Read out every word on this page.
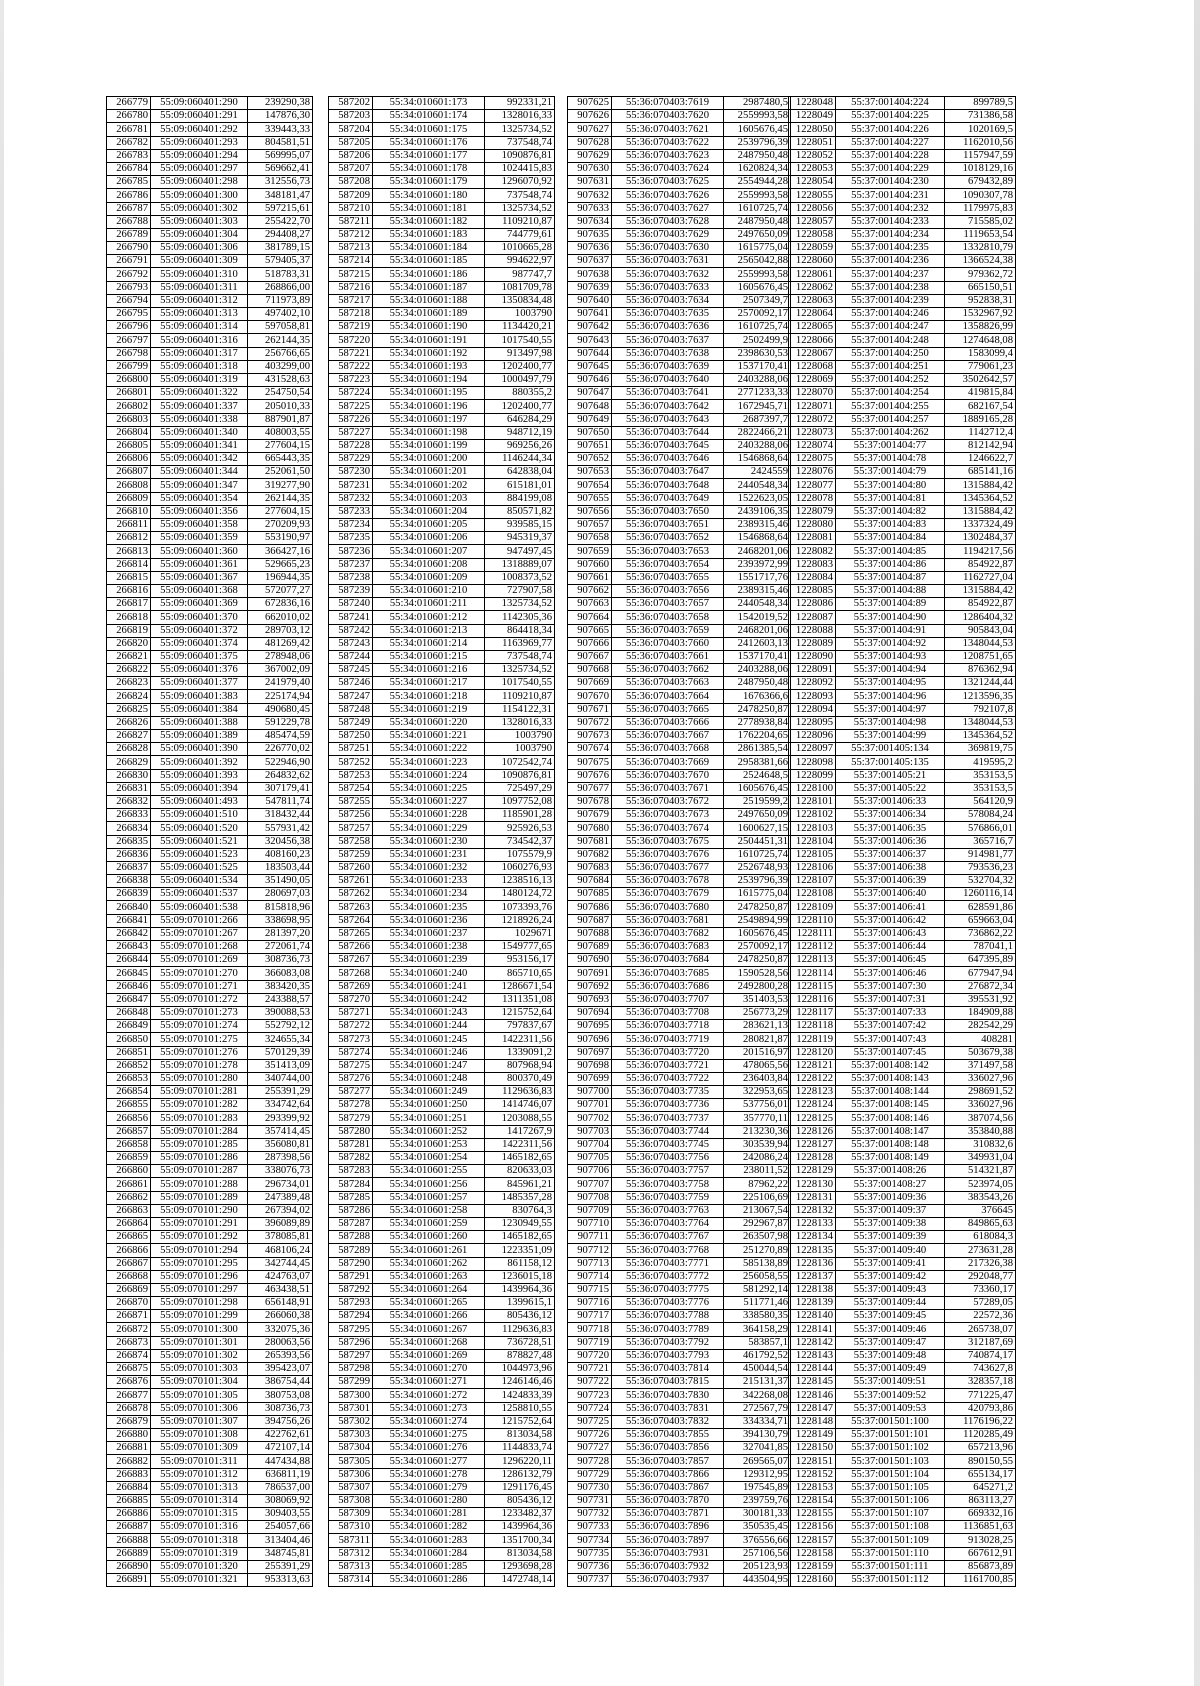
266779	55:09:060401:290	239290,38
266780	55:09:060401:291	147876,30
266781	55:09:060401:292	339443,33
266782	55:09:060401:293	804581,51
266783	55:09:060401:294	569995,07
266784	55:09:060401:297	569662,41
266785	55:09:060401:298	312556,73
266786	55:09:060401:300	348181,47
266787	55:09:060401:302	597215,61
266788	55:09:060401:303	255422,70
266789	55:09:060401:304	294408,27
266790	55:09:060401:306	381789,15
266791	55:09:060401:309	579405,37
266792	55:09:060401:310	518783,31
266793	55:09:060401:311	268866,00
266794	55:09:060401:312	711973,89
266795	55:09:060401:313	497402,10
266796	55:09:060401:314	597058,81
266797	55:09:060401:316	262144,35
266798	55:09:060401:317	256766,65
266799	55:09:060401:318	403299,00
266800	55:09:060401:319	431528,63
266801	55:09:060401:322	254750,54
266802	55:09:060401:337	205010,33
266803	55:09:060401:338	887901,87
266804	55:09:060401:340	408003,55
266805	55:09:060401:341	277604,15
266806	55:09:060401:342	665443,35
266807	55:09:060401:344	252061,50
266808	55:09:060401:347	319277,90
266809	55:09:060401:354	262144,35
266810	55:09:060401:356	277604,15
266811	55:09:060401:358	270209,93
266812	55:09:060401:359	553190,97
266813	55:09:060401:360	366427,16
266814	55:09:060401:361	529665,23
266815	55:09:060401:367	196944,35
266816	55:09:060401:368	572077,27
266817	55:09:060401:369	672836,16
266818	55:09:060401:370	662010,02
266819	55:09:060401:372	289703,12
266820	55:09:060401:374	481269,42
266821	55:09:060401:375	278948,06
266822	55:09:060401:376	367002,09
266823	55:09:060401:377	241979,40
266824	55:09:060401:383	225174,94
266825	55:09:060401:384	490680,45
266826	55:09:060401:388	591229,78
266827	55:09:060401:389	485474,59
266828	55:09:060401:390	226770,02
266829	55:09:060401:392	522946,90
266830	55:09:060401:393	264832,62
266831	55:09:060401:394	307179,41
266832	55:09:060401:493	547811,74
266833	55:09:060401:510	318432,44
266834	55:09:060401:520	557931,42
266835	55:09:060401:521	320456,38
266836	55:09:060401:523	408160,23
266837	55:09:060401:525	183503,44
266838	55:09:060401:534	351490,05
266839	55:09:060401:537	280697,03
266840	55:09:060401:538	815818,96
266841	55:09:070101:266	338698,95
266842	55:09:070101:267	281397,20
266843	55:09:070101:268	272061,74
266844	55:09:070101:269	308736,73
266845	55:09:070101:270	366083,08
266846	55:09:070101:271	383420,35
266847	55:09:070101:272	243388,57
266848	55:09:070101:273	390088,53
266849	55:09:070101:274	552792,12
266850	55:09:070101:275	324655,34
266851	55:09:070101:276	570129,39
266852	55:09:070101:278	351413,09
266853	55:09:070101:280	340744,00
266854	55:09:070101:281	255391,29
266855	55:09:070101:282	334742,64
266856	55:09:070101:283	293399,92
266857	55:09:070101:284	357414,45
266858	55:09:070101:285	356080,81
266859	55:09:070101:286	287398,56
266860	55:09:070101:287	338076,73
266861	55:09:070101:288	296734,01
266862	55:09:070101:289	247389,48
266863	55:09:070101:290	267394,02
266864	55:09:070101:291	396089,89
266865	55:09:070101:292	378085,81
266866	55:09:070101:294	468106,24
266867	55:09:070101:295	342744,45
266868	55:09:070101:296	424763,07
266869	55:09:070101:297	463438,51
266870	55:09:070101:298	656148,91
266871	55:09:070101:299	266060,38
266872	55:09:070101:300	332075,36
266873	55:09:070101:301	280063,56
266874	55:09:070101:302	265393,56
266875	55:09:070101:303	395423,07
266876	55:09:070101:304	386754,44
266877	55:09:070101:305	380753,08
266878	55:09:070101:306	308736,73
266879	55:09:070101:307	394756,26
266880	55:09:070101:308	422762,61
266881	55:09:070101:309	472107,14
266882	55:09:070101:311	447434,88
266883	55:09:070101:312	636811,19
266884	55:09:070101:313	786537,00
266885	55:09:070101:314	308069,92
266886	55:09:070101:315	309403,55
266887	55:09:070101:316	254057,66
266888	55:09:070101:318	313404,46
266889	55:09:070101:319	348745,81
266890	55:09:070101:320	255391,29
266891	55:09:070101:321	953313,63
587202	55:34:010601:173	992331,21
587203	55:34:010601:174	1328016,33
587204	55:34:010601:175	1325734,52
587205	55:34:010601:176	737548,74
587206	55:34:010601:177	1090876,81
587207	55:34:010601:178	1024415,83
587208	55:34:010601:179	1296070,92
587209	55:34:010601:180	737548,74
587210	55:34:010601:181	1325734,52
587211	55:34:010601:182	1109210,87
587212	55:34:010601:183	744779,61
587213	55:34:010601:184	1010665,28
587214	55:34:010601:185	994622,97
587215	55:34:010601:186	987747,7
587216	55:34:010601:187	1081709,78
587217	55:34:010601:188	1350834,48
587218	55:34:010601:189	1003790
587219	55:34:010601:190	1134420,21
587220	55:34:010601:191	1017540,55
587221	55:34:010601:192	913497,98
587222	55:34:010601:193	1202400,77
587223	55:34:010601:194	1000497,79
587224	55:34:010601:195	880355,2
587225	55:34:010601:196	1202400,77
587226	55:34:010601:197	646284,29
587227	55:34:010601:198	948712,19
587228	55:34:010601:199	969256,26
587229	55:34:010601:200	1146244,34
587230	55:34:010601:201	642838,04
587231	55:34:010601:202	615181,01
587232	55:34:010601:203	884199,08
587233	55:34:010601:204	850571,82
587234	55:34:010601:205	939585,15
587235	55:34:010601:206	945319,37
587236	55:34:010601:207	947497,45
587237	55:34:010601:208	1318889,07
587238	55:34:010601:209	1008373,52
587239	55:34:010601:210	727907,58
587240	55:34:010601:211	1325734,52
587241	55:34:010601:212	1142305,36
587242	55:34:010601:213	864418,34
587243	55:34:010601:214	1163969,77
587244	55:34:010601:215	737548,74
587245	55:34:010601:216	1325734,52
587246	55:34:010601:217	1017540,55
587247	55:34:010601:218	1109210,87
587248	55:34:010601:219	1154122,31
587249	55:34:010601:220	1328016,33
587250	55:34:010601:221	1003790
587251	55:34:010601:222	1003790
587252	55:34:010601:223	1072542,74
587253	55:34:010601:224	1090876,81
587254	55:34:010601:225	725497,29
587255	55:34:010601:227	1097752,08
587256	55:34:010601:228	1185901,28
587257	55:34:010601:229	925926,53
587258	55:34:010601:230	734542,37
587259	55:34:010601:231	1075579,9
587260	55:34:010601:232	1060276,93
587261	55:34:010601:233	1238516,13
587262	55:34:010601:234	1480124,72
587263	55:34:010601:235	1073393,76
587264	55:34:010601:236	1218926,24
587265	55:34:010601:237	1029671
587266	55:34:010601:238	1549777,65
587267	55:34:010601:239	953156,17
587268	55:34:010601:240	865710,65
587269	55:34:010601:241	1286671,54
587270	55:34:010601:242	1311351,08
587271	55:34:010601:243	1215752,64
587272	55:34:010601:244	797837,67
587273	55:34:010601:245	1422311,56
587274	55:34:010601:246	1339091,2
587275	55:34:010601:247	807968,94
587276	55:34:010601:248	800370,49
587277	55:34:010601:249	1129636,83
587278	55:34:010601:250	1414746,07
587279	55:34:010601:251	1203088,55
587280	55:34:010601:252	1417267,9
587281	55:34:010601:253	1422311,56
587282	55:34:010601:254	1465182,65
587283	55:34:010601:255	820633,03
587284	55:34:010601:256	845961,21
587285	55:34:010601:257	1485357,28
587286	55:34:010601:258	830764,3
587287	55:34:010601:259	1230949,55
587288	55:34:010601:260	1465182,65
587289	55:34:010601:261	1223351,09
587290	55:34:010601:262	861158,12
587291	55:34:010601:263	1236015,18
587292	55:34:010601:264	1439964,36
587293	55:34:010601:265	1399615,1
587294	55:34:010601:266	805436,12
587295	55:34:010601:267	1129636,83
587296	55:34:010601:268	736728,51
587297	55:34:010601:269	878827,48
587298	55:34:010601:270	1044973,96
587299	55:34:010601:271	1246146,46
587300	55:34:010601:272	1424833,39
587301	55:34:010601:273	1258810,55
587302	55:34:010601:274	1215752,64
587303	55:34:010601:275	813034,58
587304	55:34:010601:276	1144833,74
587305	55:34:010601:277	1296220,11
587306	55:34:010601:278	1286132,79
587307	55:34:010601:279	1291176,45
587308	55:34:010601:280	805436,12
587309	55:34:010601:281	1233482,37
587310	55:34:010601:282	1439964,36
587311	55:34:010601:283	1351700,34
587312	55:34:010601:284	813034,58
587313	55:34:010601:285	1293698,28
587314	55:34:010601:286	1472748,14
907625	55:36:070403:7619	2987480,5
907626	55:36:070403:7620	2559993,58
907627	55:36:070403:7621	1605676,45
907628	55:36:070403:7622	2539796,39
907629	55:36:070403:7623	2487950,48
907630	55:36:070403:7624	1620824,34
907631	55:36:070403:7625	2554944,28
907632	55:36:070403:7626	2559993,58
907633	55:36:070403:7627	1610725,74
907634	55:36:070403:7628	2487950,48
907635	55:36:070403:7629	2497650,09
907636	55:36:070403:7630	1615775,04
907637	55:36:070403:7631	2565042,88
907638	55:36:070403:7632	2559993,58
907639	55:36:070403:7633	1605676,45
907640	55:36:070403:7634	2507349,7
907641	55:36:070403:7635	2570092,17
907642	55:36:070403:7636	1610725,74
907643	55:36:070403:7637	2502499,9
907644	55:36:070403:7638	2398630,53
907645	55:36:070403:7639	1537170,41
907646	55:36:070403:7640	2403288,06
907647	55:36:070403:7641	2771233,33
907648	55:36:070403:7642	1672945,71
907649	55:36:070403:7643	2687397,7
907650	55:36:070403:7644	2822466,21
907651	55:36:070403:7645	2403288,06
907652	55:36:070403:7646	1546868,64
907653	55:36:070403:7647	2424559
907654	55:36:070403:7648	2440548,34
907655	55:36:070403:7649	1522623,05
907656	55:36:070403:7650	2439106,35
907657	55:36:070403:7651	2389315,46
907658	55:36:070403:7652	1546868,64
907659	55:36:070403:7653	2468201,06
907660	55:36:070403:7654	2393972,99
907661	55:36:070403:7655	1551717,76
907662	55:36:070403:7656	2389315,46
907663	55:36:070403:7657	2440548,34
907664	55:36:070403:7658	1542019,52
907665	55:36:070403:7659	2468201,06
907666	55:36:070403:7660	2412603,13
907667	55:36:070403:7661	1537170,41
907668	55:36:070403:7662	2403288,06
907669	55:36:070403:7663	2487950,48
907670	55:36:070403:7664	1676366,6
907671	55:36:070403:7665	2478250,87
907672	55:36:070403:7666	2778938,84
907673	55:36:070403:7667	1762204,65
907674	55:36:070403:7668	2861385,54
907675	55:36:070403:7669	2958381,66
907676	55:36:070403:7670	2524648,5
907677	55:36:070403:7671	1605676,45
907678	55:36:070403:7672	2519599,2
907679	55:36:070403:7673	2497650,09
907680	55:36:070403:7674	1600627,15
907681	55:36:070403:7675	2504451,31
907682	55:36:070403:7676	1610725,74
907683	55:36:070403:7677	2526748,93
907684	55:36:070403:7678	2539796,39
907685	55:36:070403:7679	1615775,04
907686	55:36:070403:7680	2478250,87
907687	55:36:070403:7681	2549894,99
907688	55:36:070403:7682	1605676,45
907689	55:36:070403:7683	2570092,17
907690	55:36:070403:7684	2478250,87
907691	55:36:070403:7685	1590528,56
907692	55:36:070403:7686	2492800,28
907693	55:36:070403:7707	351403,53
907694	55:36:070403:7708	256773,29
907695	55:36:070403:7718	283621,13
907696	55:36:070403:7719	280821,87
907697	55:36:070403:7720	201516,97
907698	55:36:070403:7721	478065,56
907699	55:36:070403:7722	236403,84
907700	55:36:070403:7735	322953,65
907701	55:36:070403:7736	537756,01
907702	55:36:070403:7737	357770,11
907703	55:36:070403:7744	213230,36
907704	55:36:070403:7745	303539,94
907705	55:36:070403:7756	242086,24
907706	55:36:070403:7757	238011,52
907707	55:36:070403:7758	87962,22
907708	55:36:070403:7759	225106,69
907709	55:36:070403:7763	213067,54
907710	55:36:070403:7764	292967,87
907711	55:36:070403:7767	263507,98
907712	55:36:070403:7768	251270,89
907713	55:36:070403:7771	585138,89
907714	55:36:070403:7772	256058,55
907715	55:36:070403:7775	581292,14
907716	55:36:070403:7776	511771,46
907717	55:36:070403:7788	338580,35
907718	55:36:070403:7789	364158,29
907719	55:36:070403:7792	583857,1
907720	55:36:070403:7793	461792,52
907721	55:36:070403:7814	450044,54
907722	55:36:070403:7815	215131,37
907723	55:36:070403:7830	342268,08
907724	55:36:070403:7831	272567,79
907725	55:36:070403:7832	334334,71
907726	55:36:070403:7855	394130,79
907727	55:36:070403:7856	327041,85
907728	55:36:070403:7857	269565,07
907729	55:36:070403:7866	129312,95
907730	55:36:070403:7867	197545,89
907731	55:36:070403:7870	239759,76
907732	55:36:070403:7871	300181,33
907733	55:36:070403:7896	350535,45
907734	55:36:070403:7897	376556,66
907735	55:36:070403:7931	257106,56
907736	55:36:070403:7932	205123,93
907737	55:36:070403:7937	443504,95
1228048	55:37:001404:224	899789,5
1228049	55:37:001404:225	731386,58
1228050	55:37:001404:226	1020169,5
1228051	55:37:001404:227	1162010,56
1228052	55:37:001404:228	1157947,59
1228053	55:37:001404:229	1018129,16
1228054	55:37:001404:230	679432,89
1228055	55:37:001404:231	1090307,78
1228056	55:37:001404:232	1179975,83
1228057	55:37:001404:233	715585,02
1228058	55:37:001404:234	1119653,54
1228059	55:37:001404:235	1332810,79
1228060	55:37:001404:236	1366524,38
1228061	55:37:001404:237	979362,72
1228062	55:37:001404:238	665150,51
1228063	55:37:001404:239	952838,31
1228064	55:37:001404:246	1532967,92
1228065	55:37:001404:247	1358826,99
1228066	55:37:001404:248	1274648,08
1228067	55:37:001404:250	1583099,4
1228068	55:37:001404:251	779061,23
1228069	55:37:001404:252	3502642,57
1228070	55:37:001404:254	419815,84
1228071	55:37:001404:255	682167,54
1228072	55:37:001404:257	1889165,28
1228073	55:37:001404:262	1142712,4
1228074	55:37:001404:77	812142,94
1228075	55:37:001404:78	1246622,7
1228076	55:37:001404:79	685141,16
1228077	55:37:001404:80	1315884,42
1228078	55:37:001404:81	1345364,52
1228079	55:37:001404:82	1315884,42
1228080	55:37:001404:83	1337324,49
1228081	55:37:001404:84	1302484,37
1228082	55:37:001404:85	1194217,56
1228083	55:37:001404:86	854922,87
1228084	55:37:001404:87	1162727,04
1228085	55:37:001404:88	1315884,42
1228086	55:37:001404:89	854922,87
1228087	55:37:001404:90	1286404,32
1228088	55:37:001404:91	905843,04
1228089	55:37:001404:92	1348044,53
1228090	55:37:001404:93	1208751,65
1228091	55:37:001404:94	876362,94
1228092	55:37:001404:95	1321244,44
1228093	55:37:001404:96	1213596,35
1228094	55:37:001404:97	792107,8
1228095	55:37:001404:98	1348044,53
1228096	55:37:001404:99	1345364,52
1228097	55:37:001405:134	369819,75
1228098	55:37:001405:135	419595,2
1228099	55:37:001405:21	353153,5
1228100	55:37:001405:22	353153,5
1228101	55:37:001406:33	564120,9
1228102	55:37:001406:34	578084,24
1228103	55:37:001406:35	576866,01
1228104	55:37:001406:36	365716,7
1228105	55:37:001406:37	914981,77
1228106	55:37:001406:38	793536,23
1228107	55:37:001406:39	532704,32
1228108	55:37:001406:40	1260116,14
1228109	55:37:001406:41	628591,86
1228110	55:37:001406:42	659663,04
1228111	55:37:001406:43	736862,22
1228112	55:37:001406:44	787041,1
1228113	55:37:001406:45	647395,89
1228114	55:37:001406:46	677947,94
1228115	55:37:001407:30	276872,34
1228116	55:37:001407:31	395531,92
1228117	55:37:001407:33	184909,88
1228118	55:37:001407:42	282542,29
1228119	55:37:001407:43	408281
1228120	55:37:001407:45	503679,38
1228121	55:37:001408:142	371497,58
1228122	55:37:001408:143	336027,96
1228123	55:37:001408:144	298691,52
1228124	55:37:001408:145	336027,96
1228125	55:37:001408:146	387074,56
1228126	55:37:001408:147	353840,88
1228127	55:37:001408:148	310832,6
1228128	55:37:001408:149	349931,04
1228129	55:37:001408:26	514321,87
1228130	55:37:001408:27	523974,05
1228131	55:37:001409:36	383543,26
1228132	55:37:001409:37	376645
1228133	55:37:001409:38	849865,63
1228134	55:37:001409:39	618084,3
1228135	55:37:001409:40	273631,28
1228136	55:37:001409:41	217326,38
1228137	55:37:001409:42	292048,77
1228138	55:37:001409:43	73360,17
1228139	55:37:001409:44	57289,05
1228140	55:37:001409:45	22572,36
1228141	55:37:001409:46	265738,07
1228142	55:37:001409:47	312187,69
1228143	55:37:001409:48	740874,17
1228144	55:37:001409:49	743627,8
1228145	55:37:001409:51	328357,18
1228146	55:37:001409:52	771225,47
1228147	55:37:001409:53	420793,86
1228148	55:37:001501:100	1176196,22
1228149	55:37:001501:101	1120285,49
1228150	55:37:001501:102	657213,96
1228151	55:37:001501:103	890150,55
1228152	55:37:001501:104	655134,17
1228153	55:37:001501:105	645271,2
1228154	55:37:001501:106	863113,27
1228155	55:37:001501:107	669332,16
1228156	55:37:001501:108	1136851,63
1228157	55:37:001501:109	913028,25
1228158	55:37:001501:110	667612,91
1228159	55:37:001501:111	856873,89
1228160	55:37:001501:112	1161700,85
